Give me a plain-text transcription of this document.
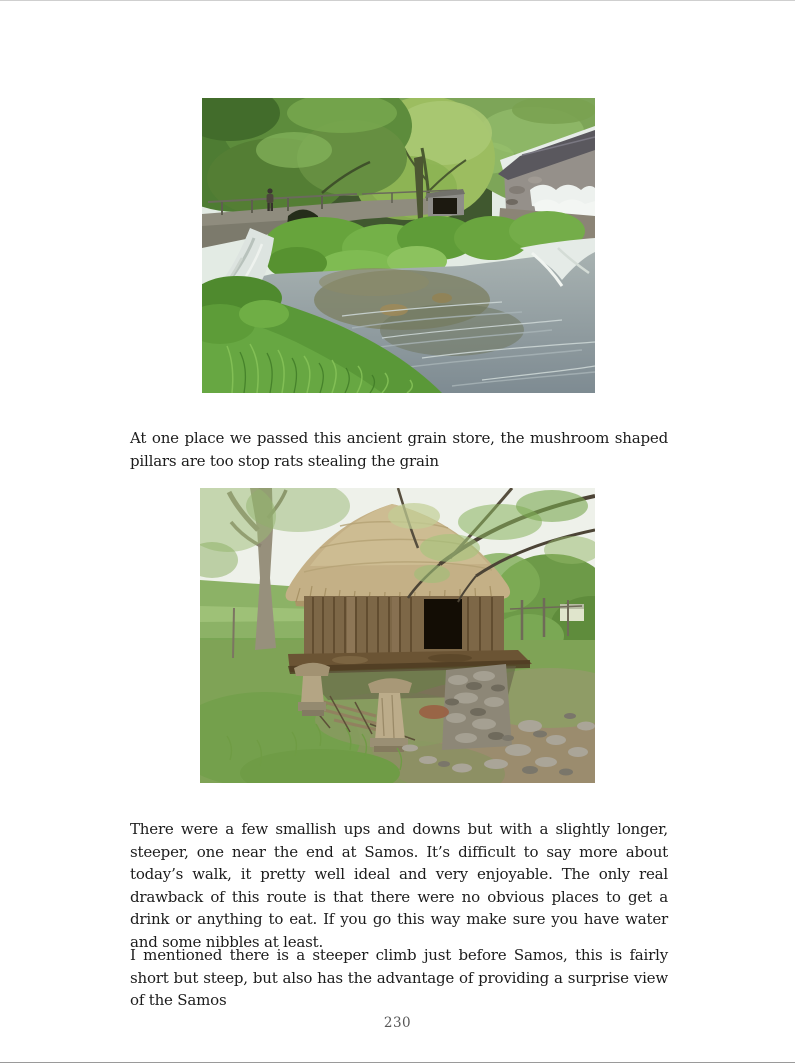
At one place we passed this ancient grain store, the mushroom shaped pillars are too stop rats stealing the grain

There were a few smallish ups and downs but with a slightly longer, steeper, one near the end at Samos. It’s difficult to say more about today’s walk, it pretty well ideal and very enjoyable. The only real drawback of this route is that there were no obvious places to get a drink or anything to eat. If you go this way make sure you have water and some nibbles at least.

I mentioned there is a steeper climb just before Samos, this is fairly short but steep, but also has the advantage of providing a surprise view of the Samos

230
